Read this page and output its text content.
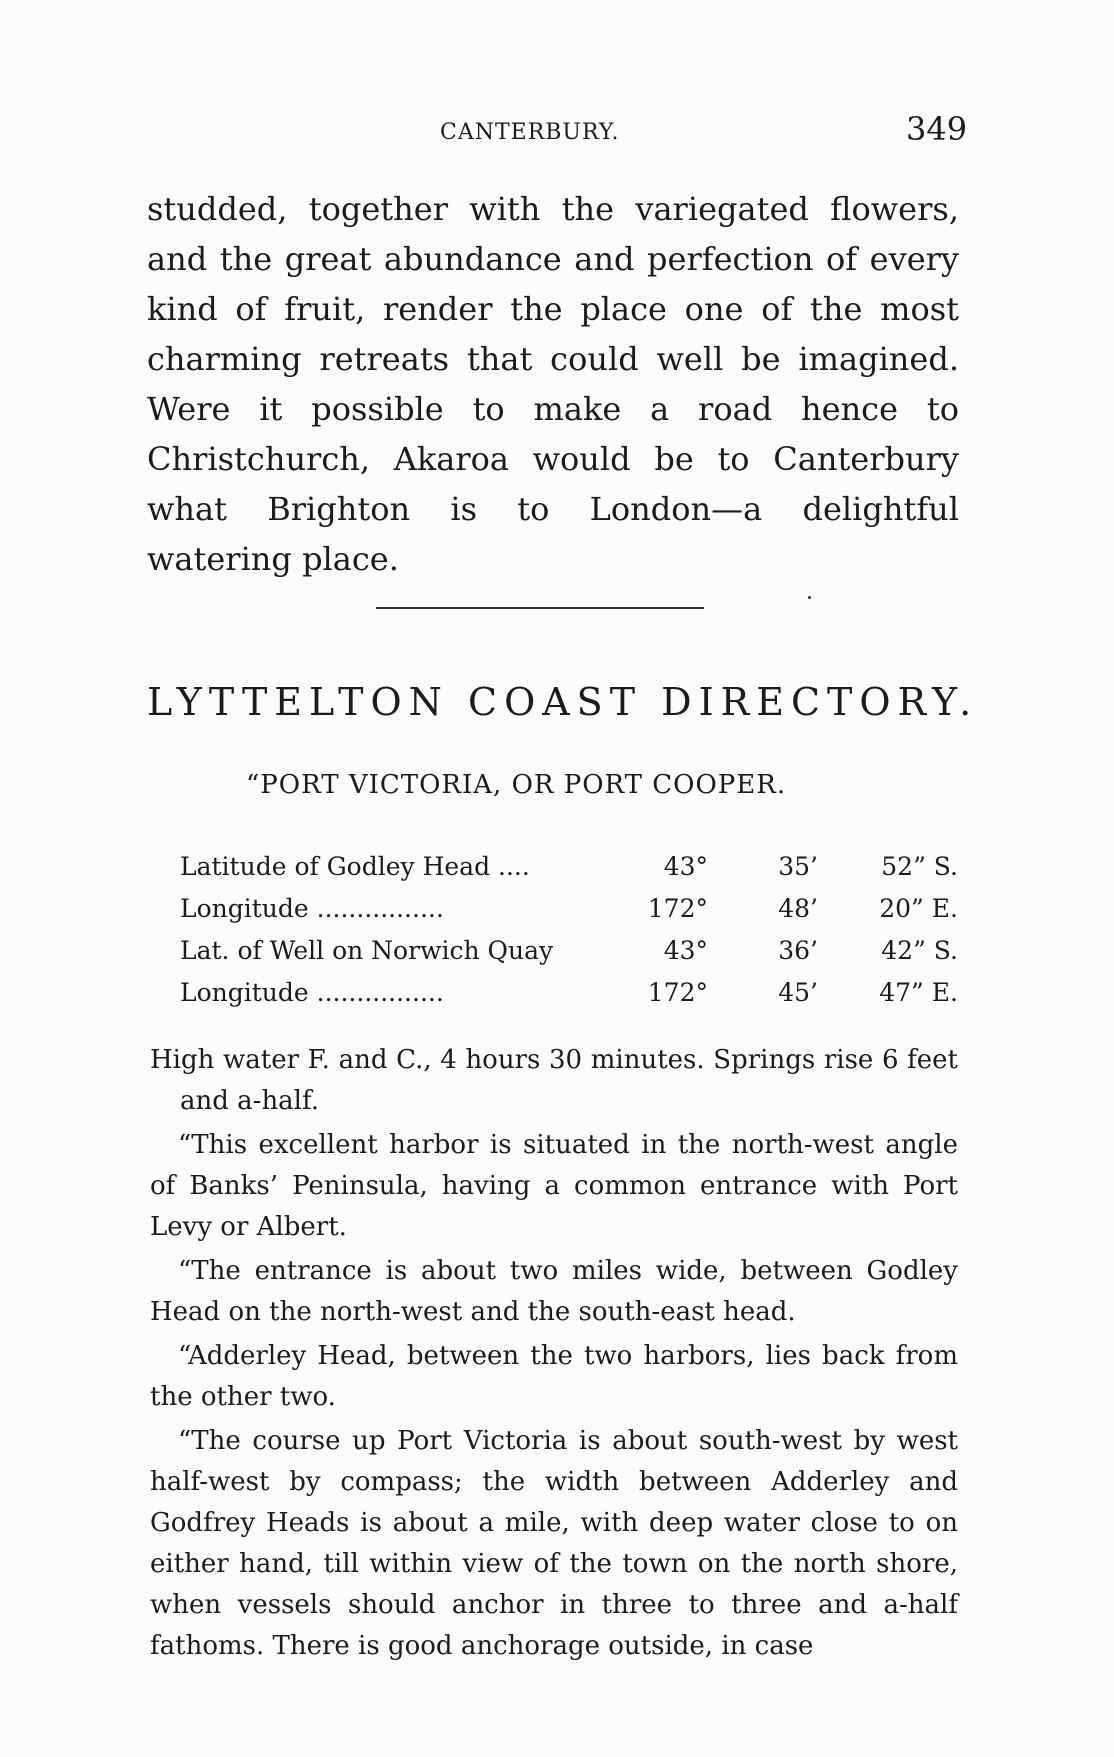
CANTERBURY.	349
studded, together with the variegated flowers, and the great abundance and perfection of every kind of fruit, render the place one of the most charming retreats that could well be imagined. Were it possible to make a road hence to Christchurch, Akaroa would be to Canterbury what Brighton is to London—a delightful watering place.
LYTTELTON COAST DIRECTORY.
“PORT VICTORIA, OR PORT COOPER.
Latitude of Godley Head ....	43°	35’	52” S.
Longitude ................	172°	48’	20” E.
Lat. of Well on Norwich Quay	43°	36’	42” S.
Longitude ................	172°	45’	47” E.

High water F. and C., 4 hours 30 minutes. Springs rise 6 feet and a-half.

“This excellent harbor is situated in the north-west angle of Banks’ Peninsula, having a common entrance with Port Levy or Albert.

“The entrance is about two miles wide, between Godley Head on the north-west and the south-east head.

“Adderley Head, between the two harbors, lies back from the other two.

“The course up Port Victoria is about south-west by west half-west by compass; the width between Adderley and Godfrey Heads is about a mile, with deep water close to on either hand, till within view of the town on the north shore, when vessels should anchor in three to three and a-half fathoms. There is good anchorage outside, in case
